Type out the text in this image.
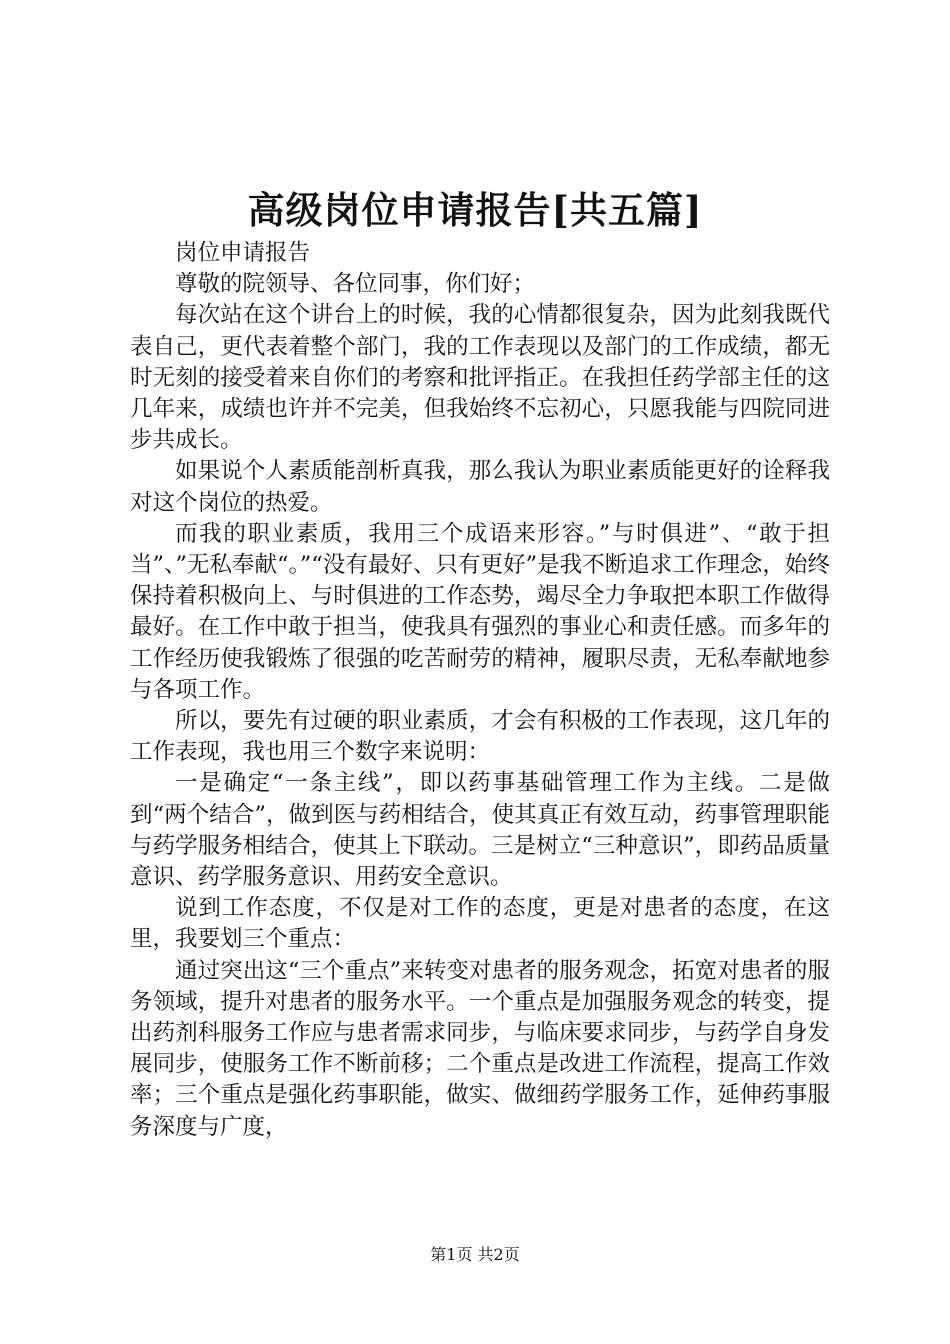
高级岗位申请报告[共五篇]

岗位申请报告

尊敬的院领导、各位同事，你们好；

每次站在这个讲台上的时候，我的心情都很复杂，因为此刻我既代表自己，更代表着整个部门，我的工作表现以及部门的工作成绩，都无时无刻的接受着来自你们的考察和批评指正。在我担任药学部主任的这几年来，成绩也许并不完美，但我始终不忘初心，只愿我能与四院同进步共成长。

如果说个人素质能剖析真我，那么我认为职业素质能更好的诠释我对这个岗位的热爱。

而我的职业素质，我用三个成语来形容。”与时俱进”、“敢于担当”、”无私奉献“。”“没有最好、只有更好”是我不断追求工作理念，始终保持着积极向上、与时俱进的工作态势，竭尽全力争取把本职工作做得最好。在工作中敢于担当，使我具有强烈的事业心和责任感。而多年的工作经历使我锻炼了很强的吃苦耐劳的精神，履职尽责，无私奉献地参与各项工作。

所以，要先有过硬的职业素质，才会有积极的工作表现，这几年的工作表现，我也用三个数字来说明：

一是确定“一条主线”，即以药事基础管理工作为主线。二是做到“两个结合”，做到医与药相结合，使其真正有效互动，药事管理职能与药学服务相结合，使其上下联动。三是树立“三种意识”，即药品质量意识、药学服务意识、用药安全意识。

说到工作态度，不仅是对工作的态度，更是对患者的态度，在这里，我要划三个重点：

通过突出这“三个重点”来转变对患者的服务观念，拓宽对患者的服务领域，提升对患者的服务水平。一个重点是加强服务观念的转变，提出药剂科服务工作应与患者需求同步，与临床要求同步，与药学自身发展同步，使服务工作不断前移；二个重点是改进工作流程，提高工作效率；三个重点是强化药事职能，做实、做细药学服务工作，延伸药事服务深度与广度，

第1页 共2页
